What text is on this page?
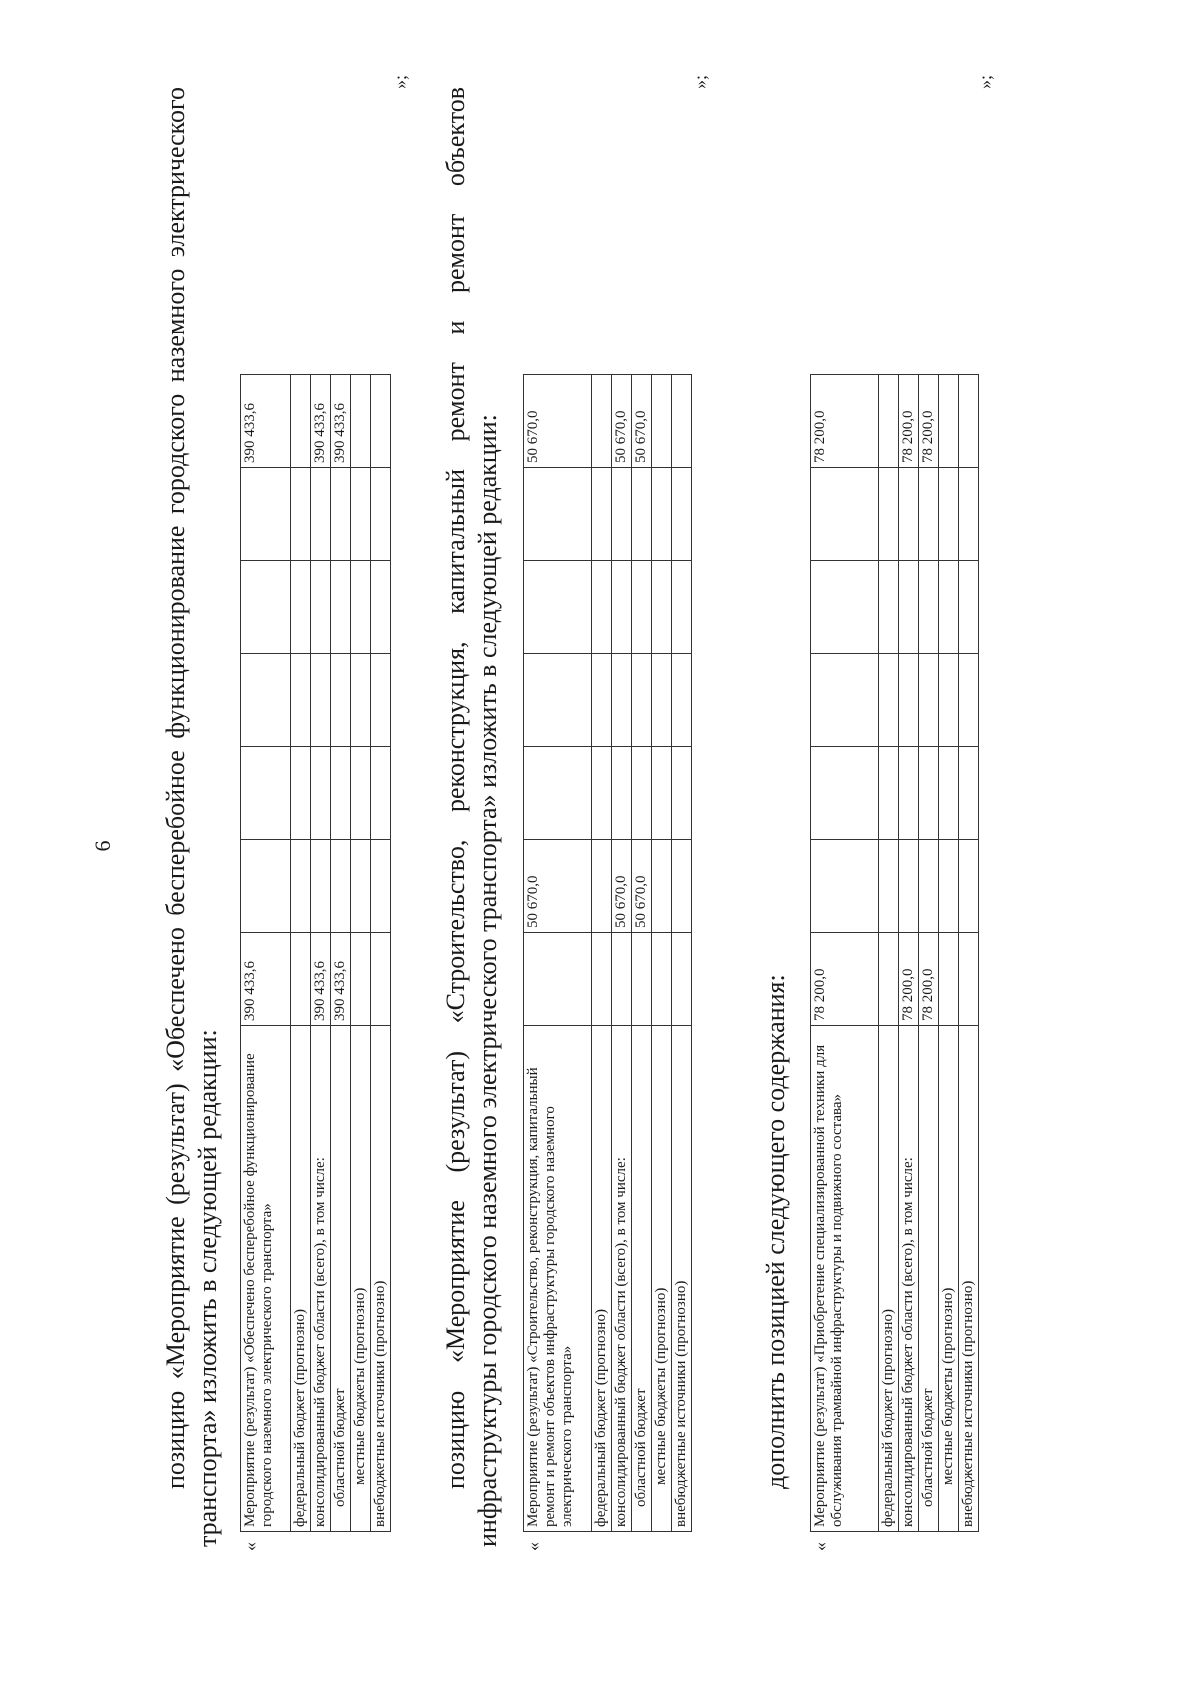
6 позицию «Мероприятие (результат) «Обеспечено бесперебойное функционирование городского наземного электрического транспорта» изложить в следующей редакции: «
Мероприятие (результат) «Обеспечено бесперебойное функционирование городского наземного электрического транспорта»	390 433,6						390 433,6
федеральный бюджет (прогнозно)							
консолидированный бюджет области (всего), в том числе:	390 433,6						390 433,6
областной бюджет	390 433,6						390 433,6
местные бюджеты (прогнозно)							
внебюджетные источники (прогнозно)							
»;

позицию «Мероприятие (результат) «Строительство, реконструкция, капитальный ремонт и ремонт объектов инфраструктуры городского наземного электрического транспорта» изложить в следующей редакции: «
Мероприятие (результат) «Строительство, реконструкция, капитальный ремонт и ремонт объектов инфраструктуры городского наземного электрического транспорта»		50 670,0					50 670,0
федеральный бюджет (прогнозно)							
консолидированный бюджет области (всего), в том числе:		50 670,0					50 670,0
областной бюджет		50 670,0					50 670,0
местные бюджеты (прогнозно)							
внебюджетные источники (прогнозно)							
»;

дополнить позицией следующего содержания:

«
Мероприятие (результат) «Приобретение специализированной техники для обслуживания трамвайной инфраструктуры и подвижного состава»	78 200,0						78 200,0
федеральный бюджет (прогнозно)							
консолидированный бюджет области (всего), в том числе:	78 200,0						78 200,0
областной бюджет	78 200,0						78 200,0
местные бюджеты (прогнозно)							
внебюджетные источники (прогнозно)							
»;
